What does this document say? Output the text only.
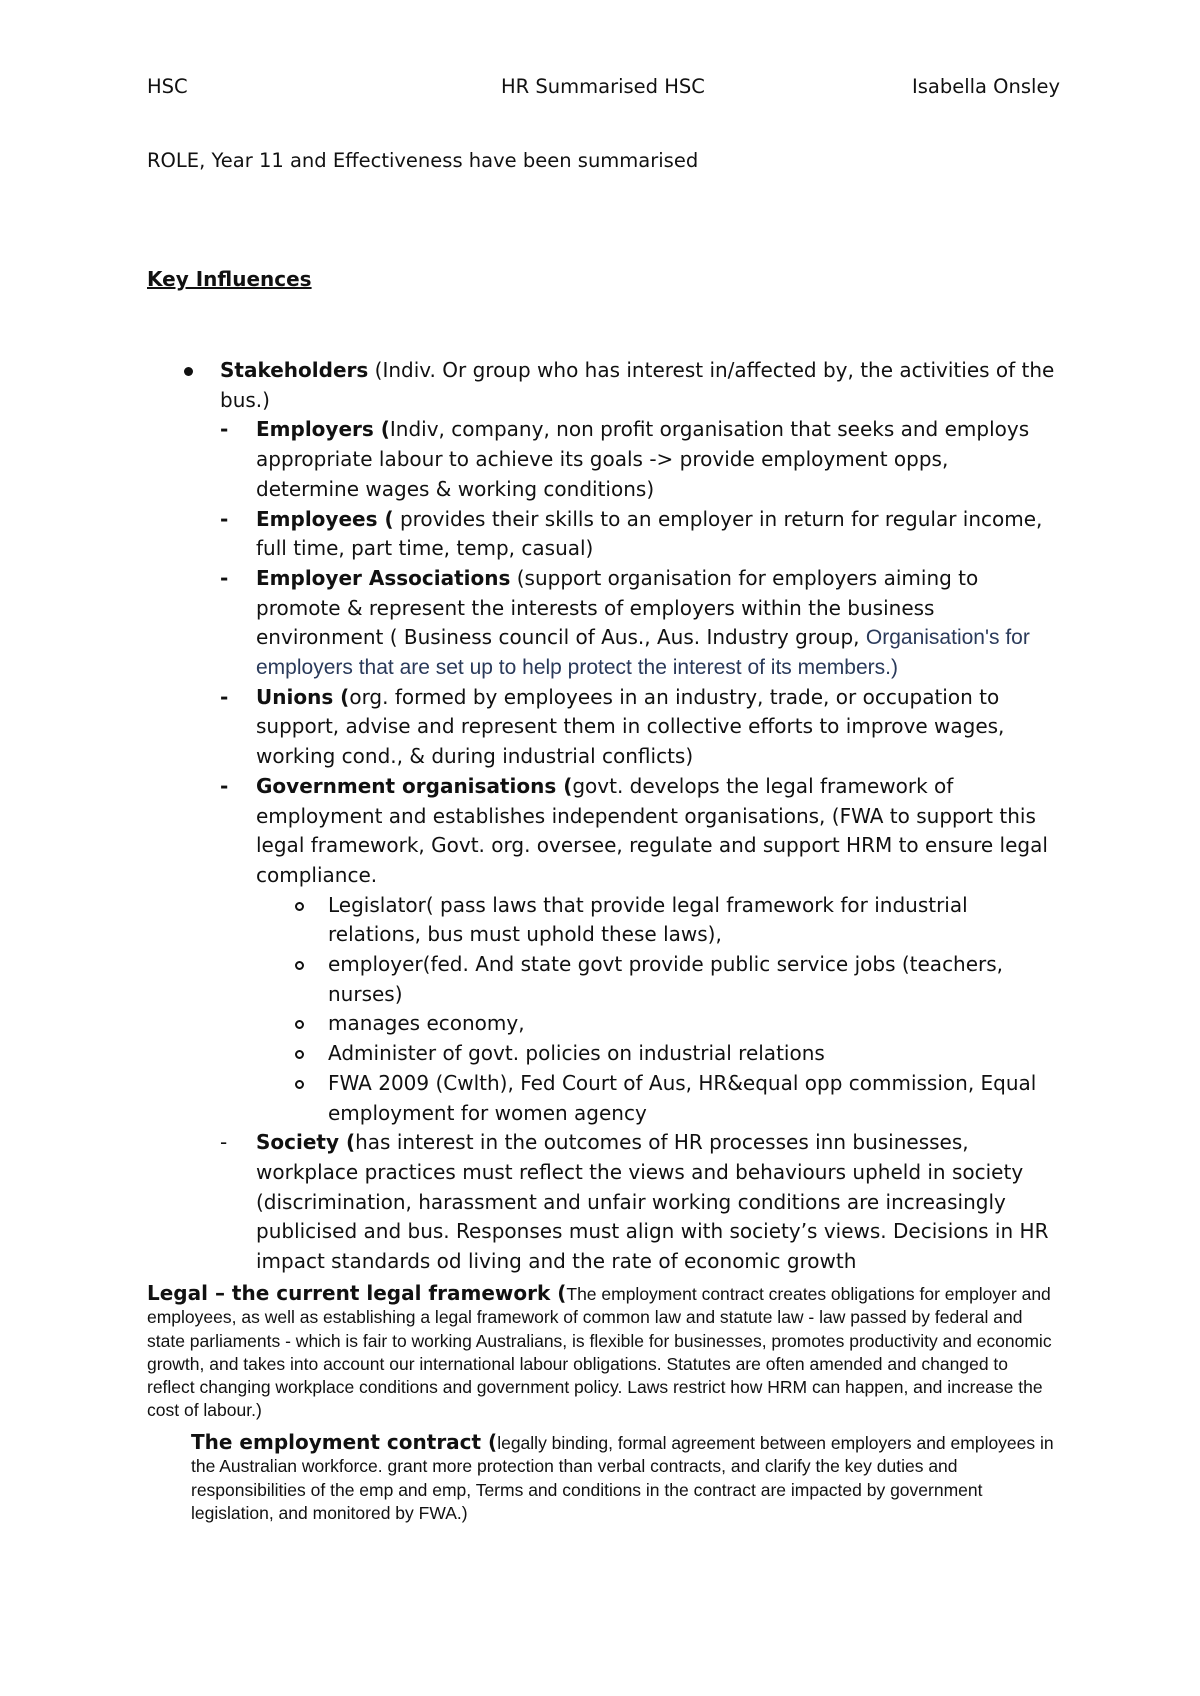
HSC	HR Summarised HSC	Isabella Onsley
ROLE, Year 11 and Effectiveness have been summarised
Key Influences
Stakeholders (Indiv. Or group who has interest in/affected by, the activities of the bus.)
- Employers (Indiv, company, non profit organisation that seeks and employs appropriate labour to achieve its goals -> provide employment opps, determine wages & working conditions)
- Employees ( provides their skills to an employer in return for regular income, full time, part time, temp, casual)
- Employer Associations (support organisation for employers aiming to promote & represent the interests of employers within the business environment ( Business council of Aus., Aus. Industry group, Organisation's for employers that are set up to help protect the interest of its members.)
- Unions (org. formed by employees in an industry, trade, or occupation to support, advise and represent them in collective efforts to improve wages, working cond., & during industrial conflicts)
- Government organisations (govt. develops the legal framework of employment and establishes independent organisations, (FWA to support this legal framework, Govt. org. oversee, regulate and support HRM to ensure legal compliance.
Legislator( pass laws that provide legal framework for industrial relations, bus must uphold these laws),
employer(fed. And state govt provide public service jobs (teachers, nurses)
manages economy,
Administer of govt. policies on industrial relations
FWA 2009 (Cwlth), Fed Court of Aus, HR&equal opp commission, Equal employment for women agency
- Society (has interest in the outcomes of HR processes inn businesses, workplace practices must reflect the views and behaviours upheld in society (discrimination, harassment and unfair working conditions are increasingly publicised and bus. Responses must align with society’s views. Decisions in HR impact standards od living and the rate of economic growth
Legal – the current legal framework (The employment contract creates obligations for employer and employees, as well as establishing a legal framework of common law and statute law - law passed by federal and state parliaments - which is fair to working Australians, is flexible for businesses, promotes productivity and economic growth, and takes into account our international labour obligations. Statutes are often amended and changed to reflect changing workplace conditions and government policy. Laws restrict how HRM can happen, and increase the cost of labour.)
The employment contract (legally binding, formal agreement between employers and employees in the Australian workforce. grant more protection than verbal contracts, and clarify the key duties and responsibilities of the emp and emp, Terms and conditions in the contract are impacted by government legislation, and monitored by FWA.)
